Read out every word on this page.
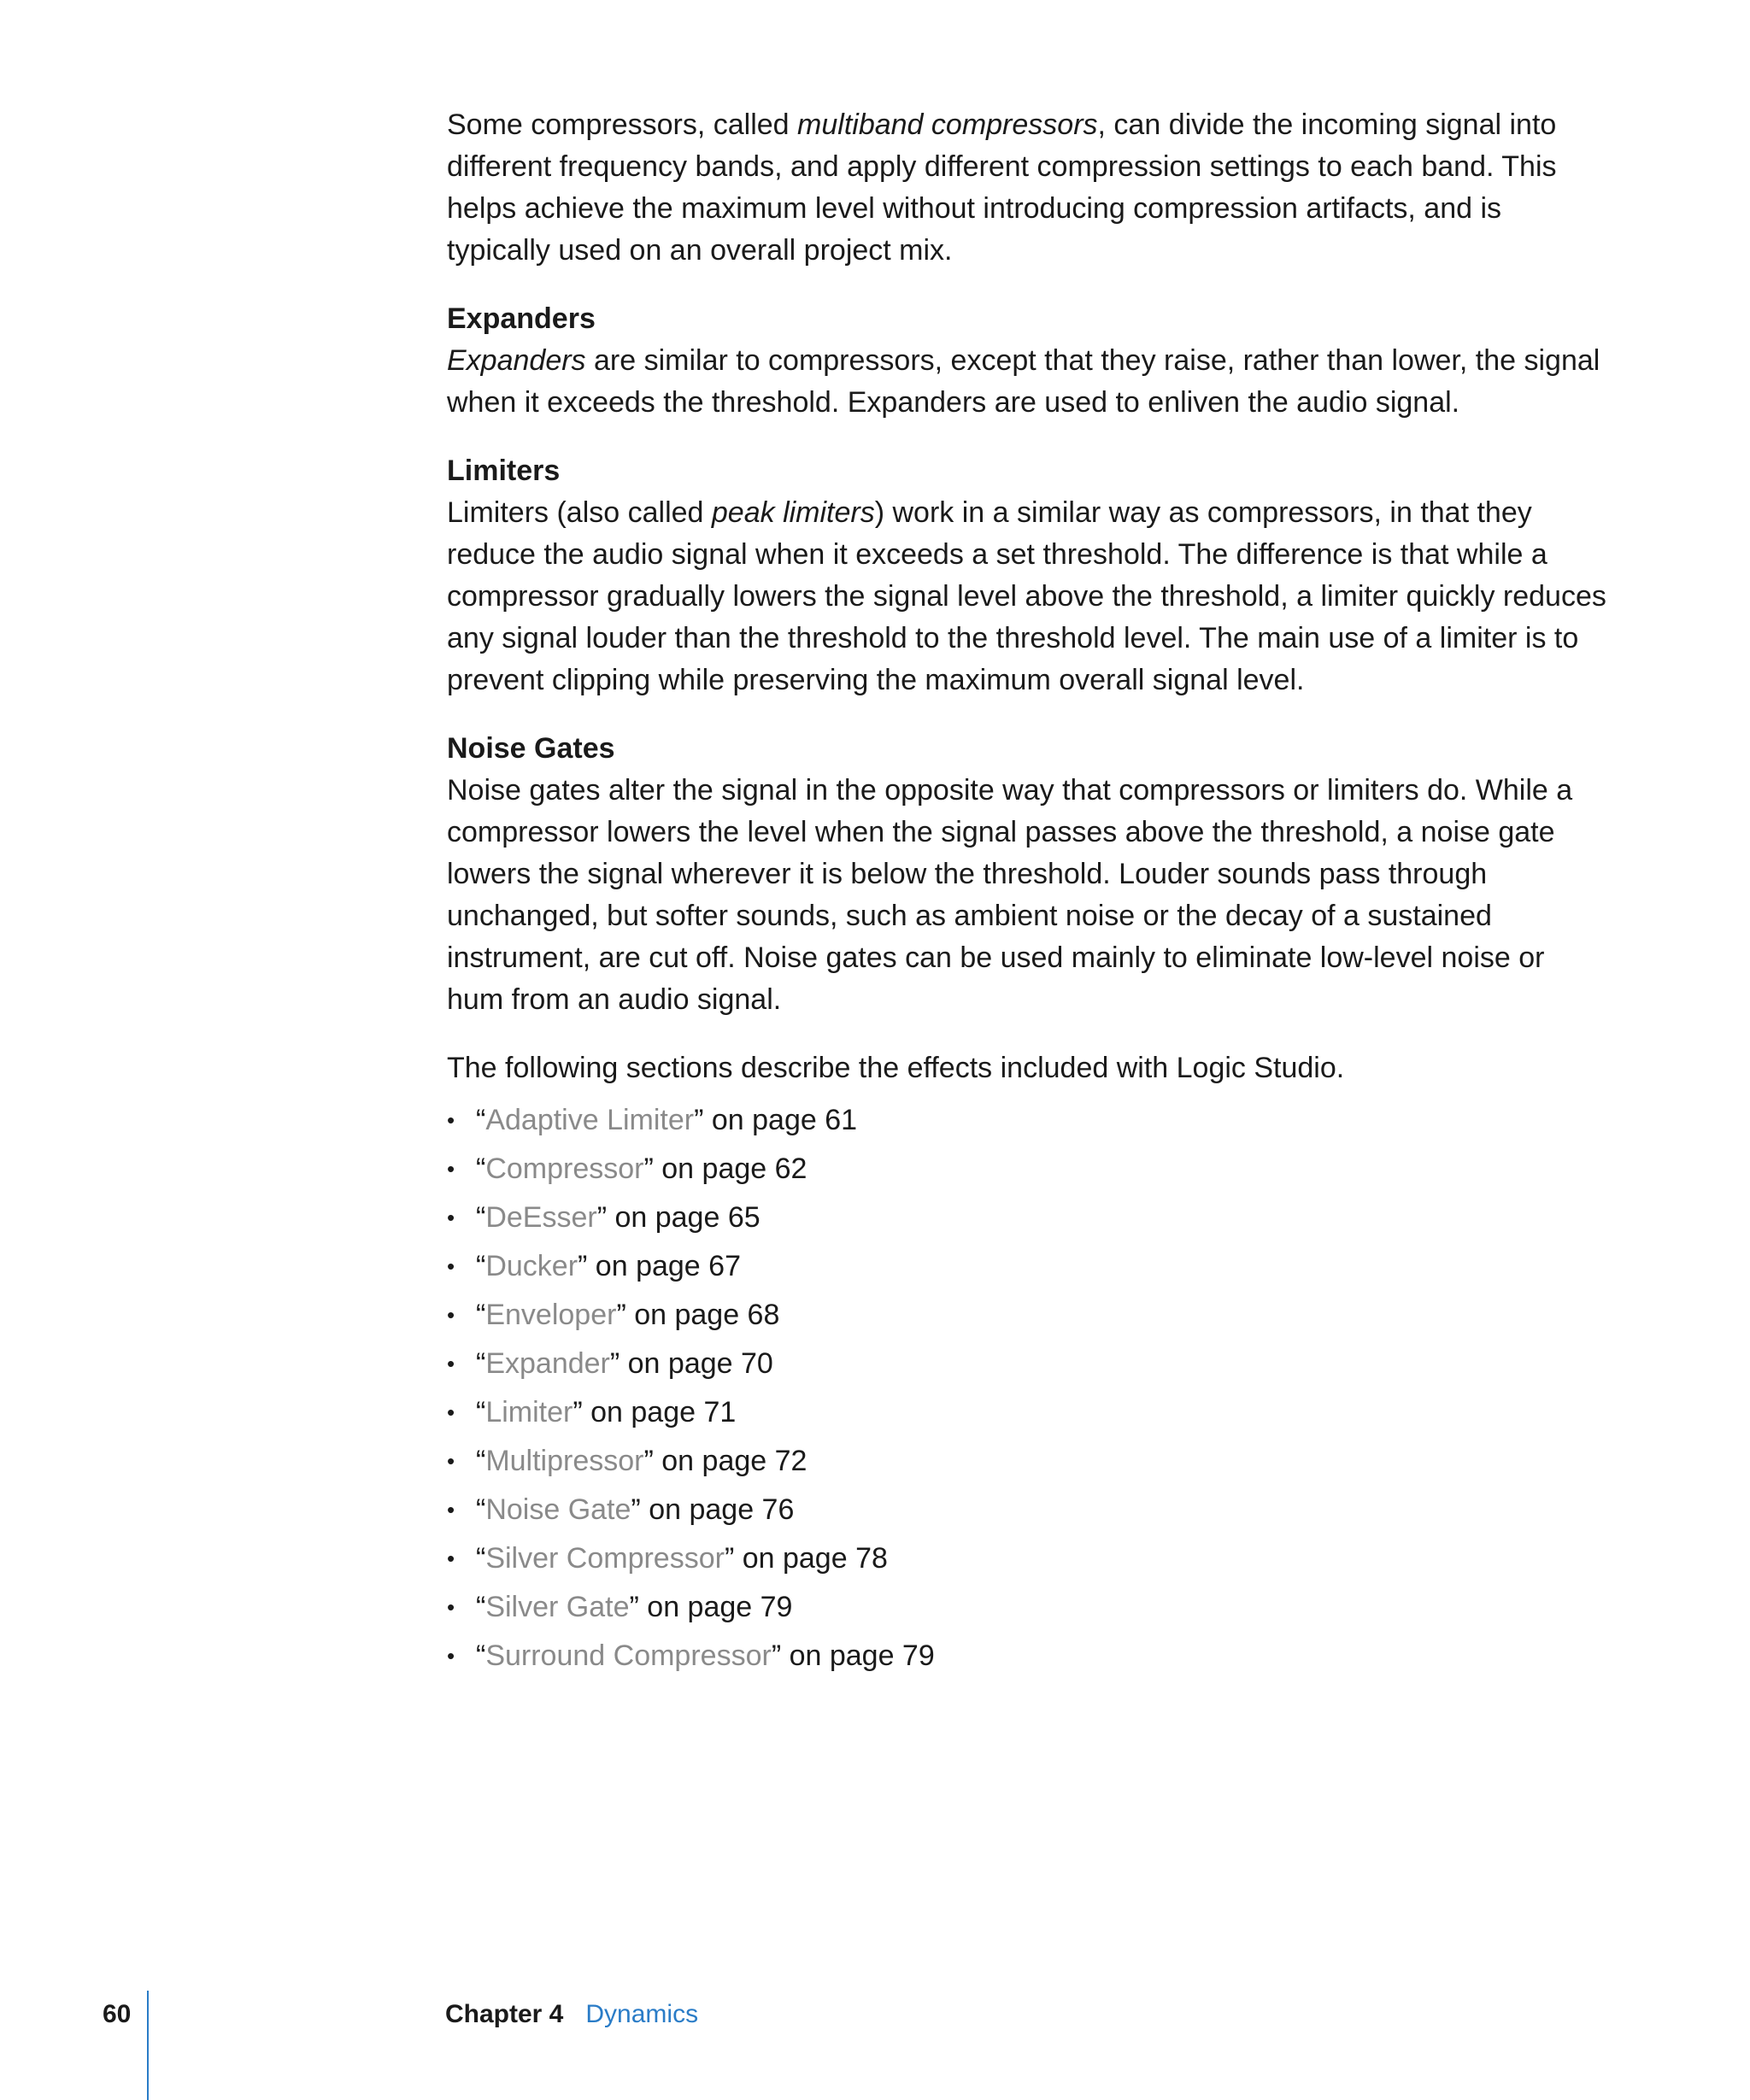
Some compressors, called multiband compressors, can divide the incoming signal into different frequency bands, and apply different compression settings to each band. This helps achieve the maximum level without introducing compression artifacts, and is typically used on an overall project mix.

Expanders

Expanders are similar to compressors, except that they raise, rather than lower, the signal when it exceeds the threshold. Expanders are used to enliven the audio signal.

Limiters

Limiters (also called peak limiters) work in a similar way as compressors, in that they reduce the audio signal when it exceeds a set threshold. The difference is that while a compressor gradually lowers the signal level above the threshold, a limiter quickly reduces any signal louder than the threshold to the threshold level. The main use of a limiter is to prevent clipping while preserving the maximum overall signal level.

Noise Gates

Noise gates alter the signal in the opposite way that compressors or limiters do. While a compressor lowers the level when the signal passes above the threshold, a noise gate lowers the signal wherever it is below the threshold. Louder sounds pass through unchanged, but softer sounds, such as ambient noise or the decay of a sustained instrument, are cut off. Noise gates can be used mainly to eliminate low-level noise or hum from an audio signal.

The following sections describe the effects included with Logic Studio.

• “Adaptive Limiter” on page 61
• “Compressor” on page 62
• “DeEsser” on page 65
• “Ducker” on page 67
• “Enveloper” on page 68
• “Expander” on page 70
• “Limiter” on page 71
• “Multipressor” on page 72
• “Noise Gate” on page 76
• “Silver Compressor” on page 78
• “Silver Gate” on page 79
• “Surround Compressor” on page 79
60	Chapter 4 Dynamics
